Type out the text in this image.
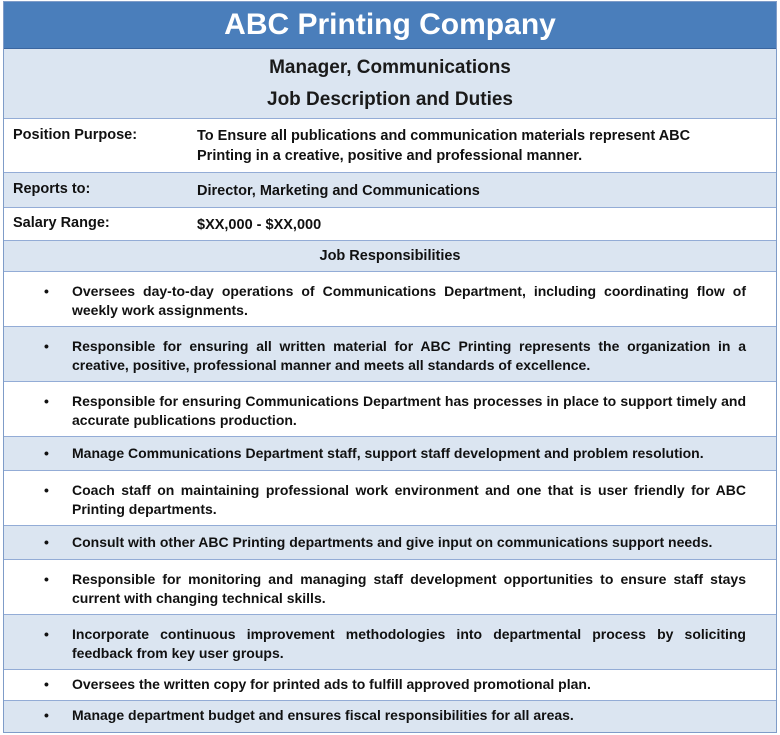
ABC Printing Company
Manager, Communications
Job Description and Duties
Position Purpose:	To Ensure all publications and communication materials represent ABC Printing in a creative, positive and professional manner.
Reports to:	Director, Marketing and Communications
Salary Range:	$XX,000 - $XX,000
Job Responsibilities
• Oversees day-to-day operations of Communications Department, including coordinating flow of weekly work assignments.
• Responsible for ensuring all written material for ABC Printing represents the organization in a creative, positive, professional manner and meets all standards of excellence.
• Responsible for ensuring Communications Department has processes in place to support timely and accurate publications production.
• Manage Communications Department staff, support staff development and problem resolution.
• Coach staff on maintaining professional work environment and one that is user friendly for ABC Printing departments.
• Consult with other ABC Printing departments and give input on communications support needs.
• Responsible for monitoring and managing staff development opportunities to ensure staff stays current with changing technical skills.
• Incorporate continuous improvement methodologies into departmental process by soliciting feedback from key user groups.
• Oversees the written copy for printed ads to fulfill approved promotional plan.
• Manage department budget and ensures fiscal responsibilities for all areas.
